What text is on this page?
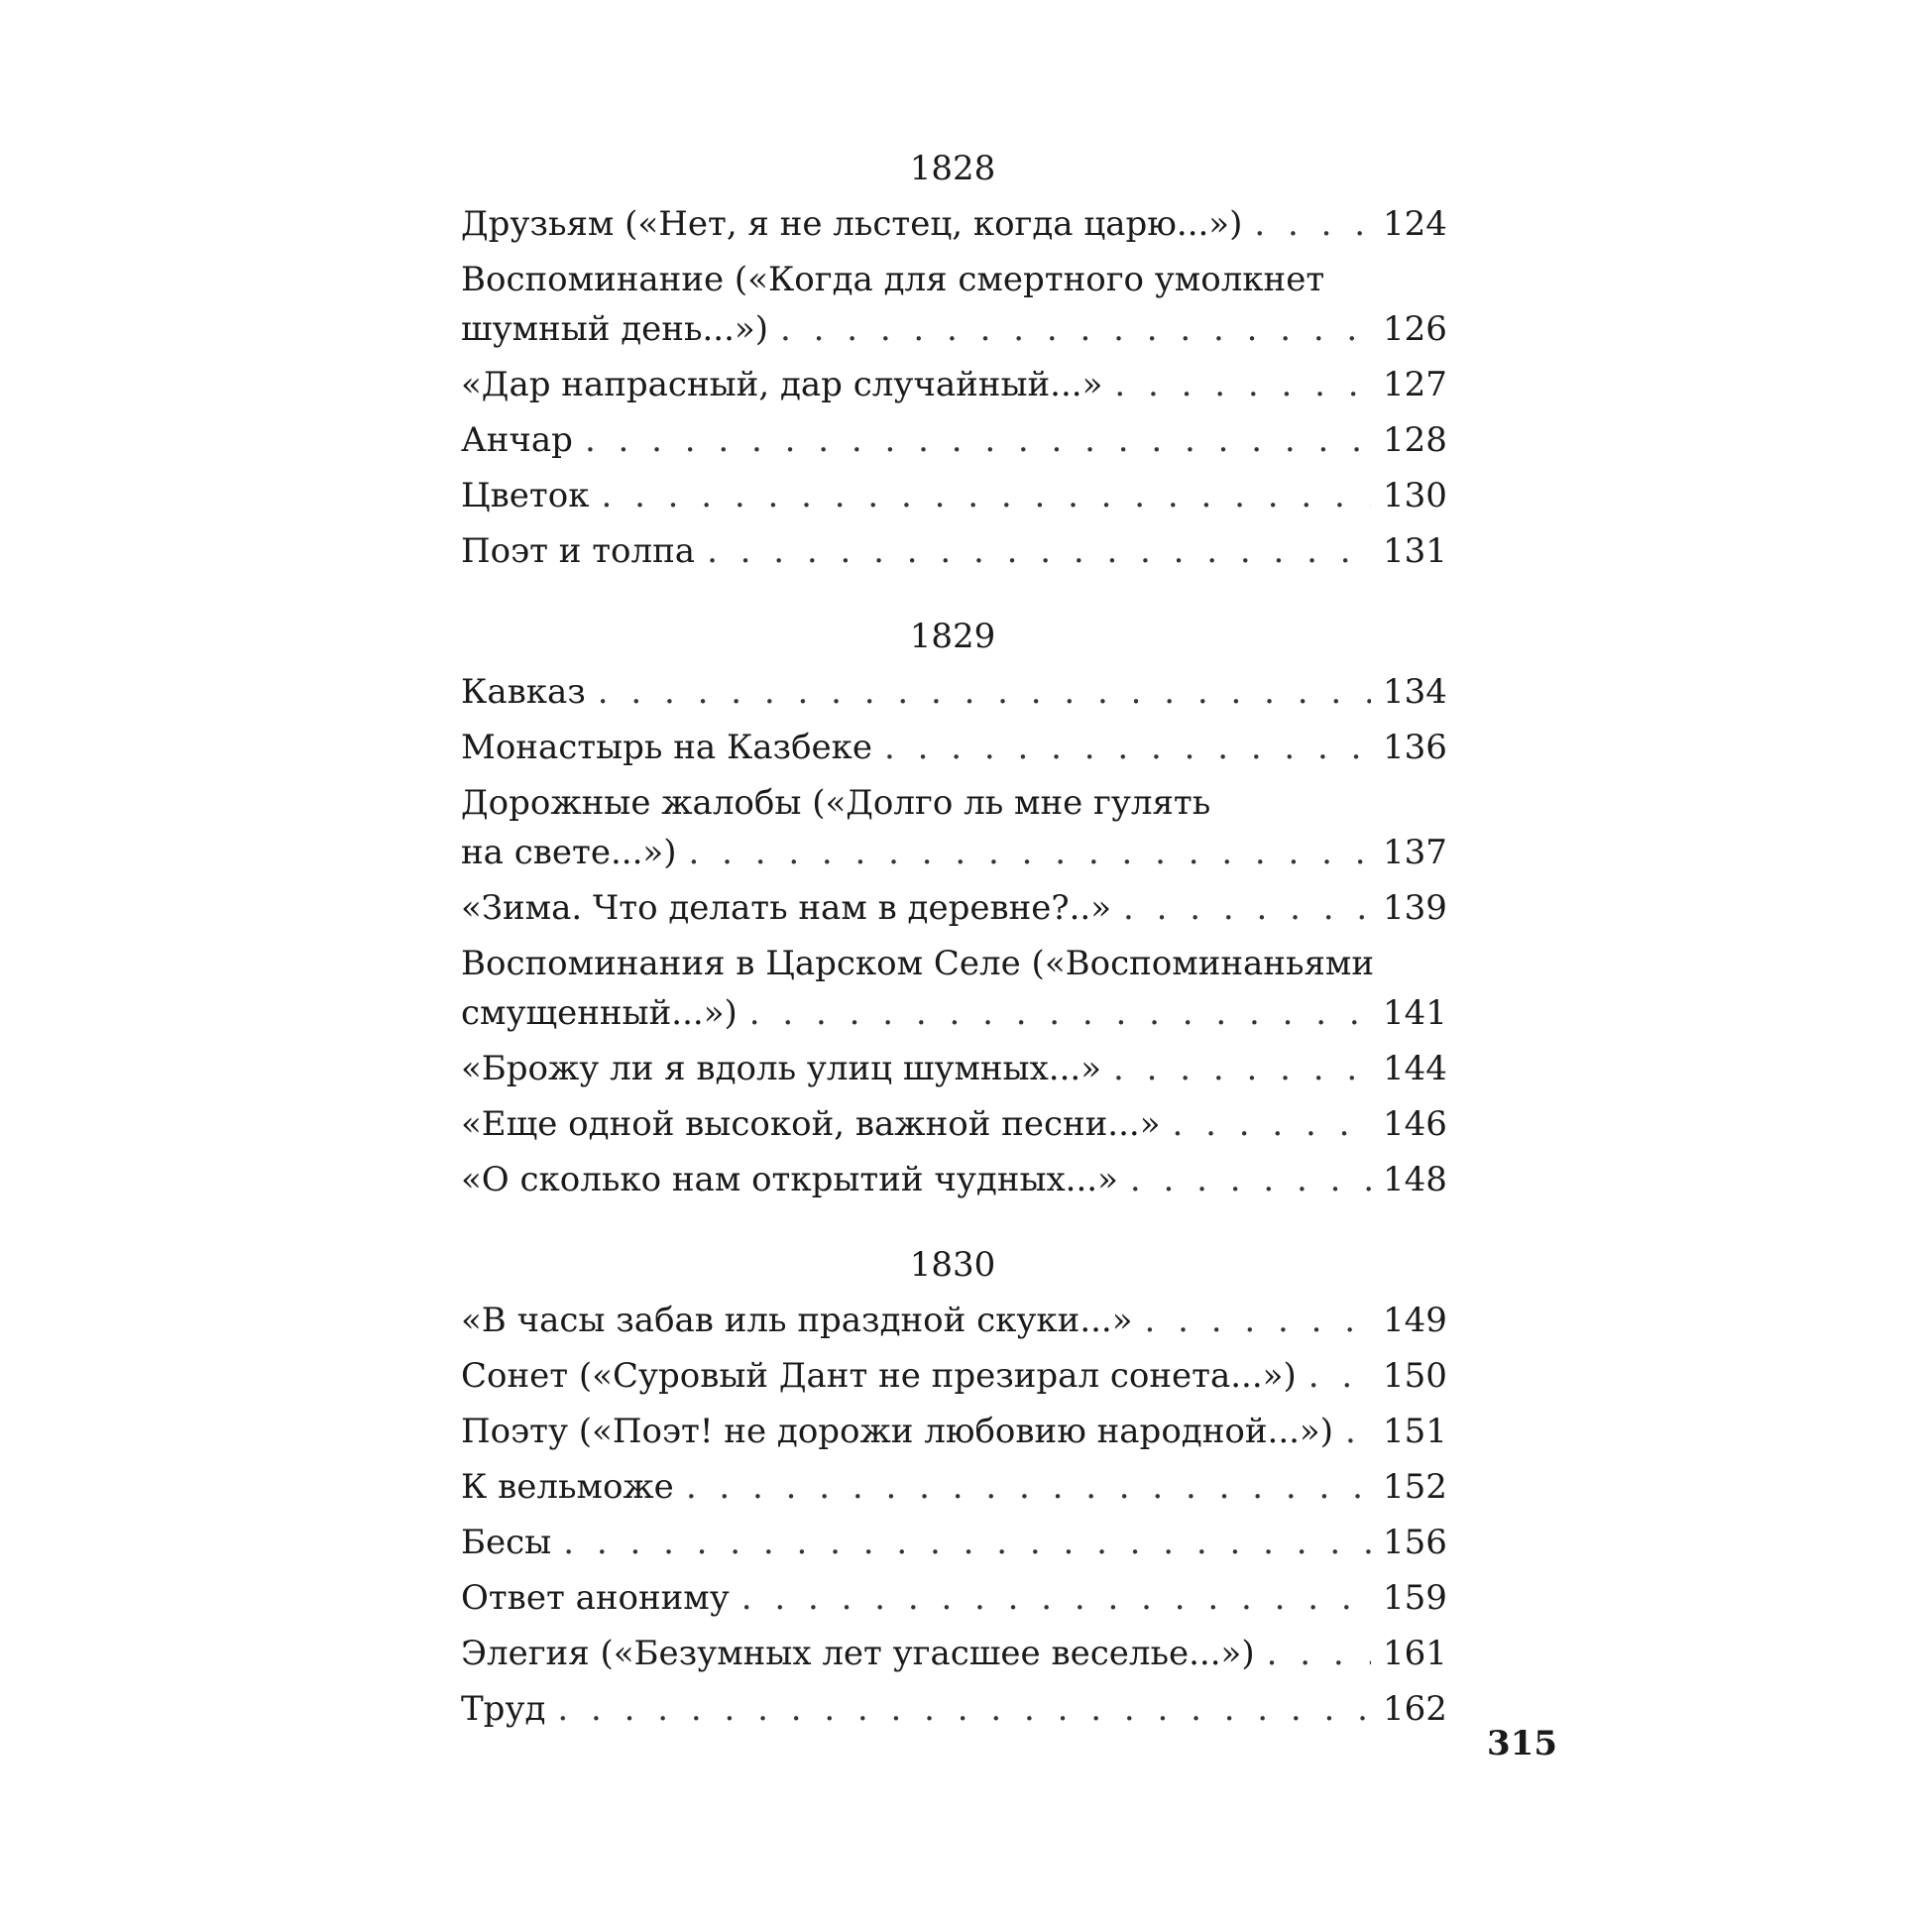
1828
Друзьям («Нет, я не льстец, когда царю...») . . .	124
Воспоминание («Когда для смертного умолкнет
шумный день...») . . .	126
«Дар напрасный, дар случайный...» . . .	127
Анчар . . .	128
Цветок . . .	130
Поэт и толпа . . .	131
1829
Кавказ . . .	134
Монастырь на Казбеке . . .	136
Дорожные жалобы («Долго ль мне гулять
на свете...») . . .	137
«Зима. Что делать нам в деревне?..» . . .	139
Воспоминания в Царском Селе («Воспоминаньями
смущенный...») . . .	141
«Брожу ли я вдоль улиц шумных...» . . .	144
«Еще одной высокой, важной песни...» . . .	146
«О сколько нам открытий чудных...» . . .	148
1830
«В часы забав иль праздной скуки...» . . .	149
Сонет («Суровый Дант не презирал сонета...») . . .	150
Поэту («Поэт! не дорожи любовию народной...») . . . 151
К вельможе . . .	152
Бесы . . .	156
Ответ анониму . . .	159
Элегия («Безумных лет угасшее веселье...») . . .	161
Труд . . .	162
315
